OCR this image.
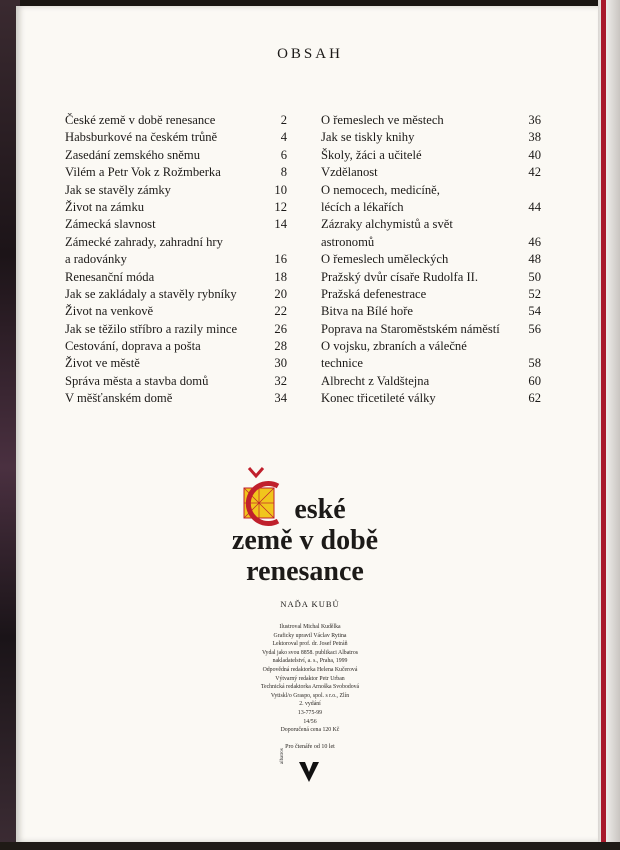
OBSAH
České země v době renesance	2
Habsburkové na českém trůně	4
Zasedání zemského sněmu	6
Vilém a Petr Vok z Rožmberka	8
Jak se stavěly zámky	10
Život na zámku	12
Zámecká slavnost	14
Zámecké zahrady, zahradní hry
a radovánky	16
Renesanční móda	18
Jak se zakládaly a stavěly rybníky	20
Život na venkově	22
Jak se těžilo stříbro a razily mince	26
Cestování, doprava a pošta	28
Život ve městě	30
Správa města a stavba domů	32
V měšťanském domě	34
O řemeslech ve městech	36
Jak se tiskly knihy	38
Školy, žáci a učitelé	40
Vzdělanost	42
O nemocech, medicíně,
lécích a lékařích	44
Zázraky alchymistů a svět
astronomů	46
O řemeslech uměleckých	48
Pražský dvůr císaře Rudolfa II.	50
Pražská defenestrace	52
Bitva na Bílé hoře	54
Poprava na Staroměstském náměstí	56
O vojsku, zbraních a válečné
technice	58
Albrecht z Valdštejna	60
Konec třicetileté války	62
eské
země v době
renesance
NAĎA KUBŮ
Ilustroval Michal Kudělka
Graficky upravil Václav Rytina
Lektoroval prof. dr. Josef Petráň
Vydal jako svou 8858. publikaci Albatros
nakladatelství, a. s., Praha, 1999
Odpovědná redaktorka Helena Kučerová
Výtvarný redaktor Petr Urban
Technická redaktorka Arnoška Svobodová
Vytiskl/o Graspo, spol. s r.o., Zlín
2. vydání
13-775-99
14/56
Doporučená cena 120 Kč
Pro čtenáře od 10 let
albatros
